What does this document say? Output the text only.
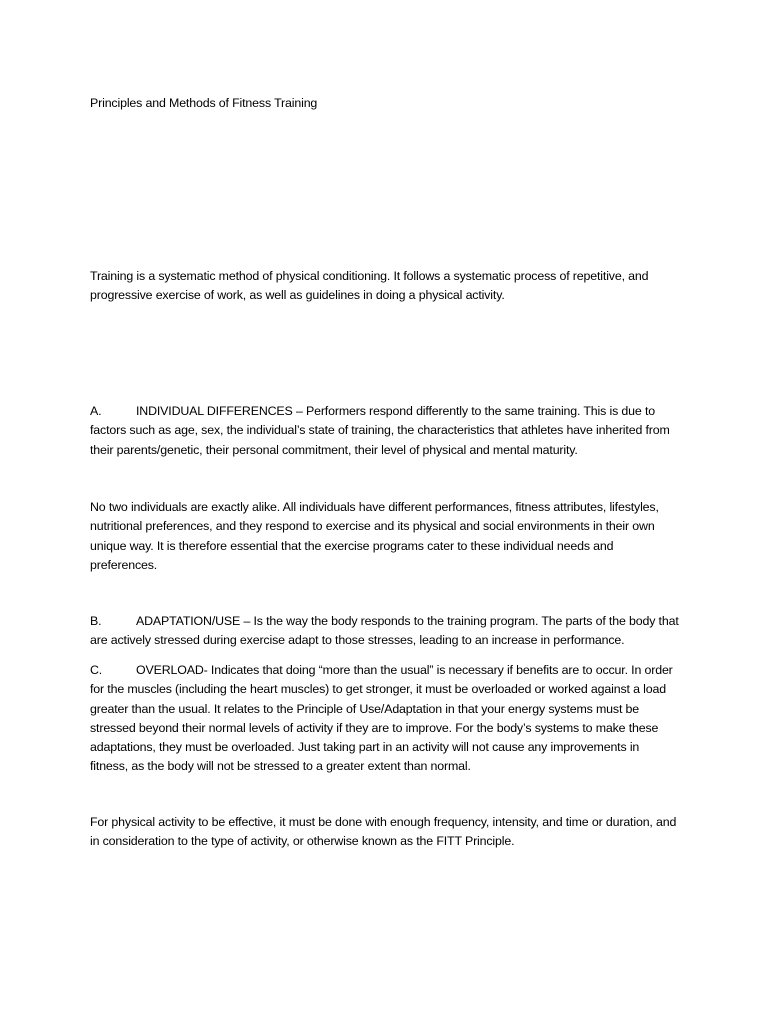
Principles and Methods of Fitness Training
Training is a systematic method of physical conditioning. It follows a systematic process of repetitive, and progressive exercise of work, as well as guidelines in doing a physical activity.
A.	INDIVIDUAL DIFFERENCES – Performers respond differently to the same training. This is due to factors such as age, sex, the individual’s state of training, the characteristics that athletes have inherited from their parents/genetic, their personal commitment, their level of physical and mental maturity.
No two individuals are exactly alike. All individuals have different performances, fitness attributes, lifestyles, nutritional preferences, and they respond to exercise and its physical and social environments in their own unique way. It is therefore essential that the exercise programs cater to these individual needs and preferences.
B.	ADAPTATION/USE – Is the way the body responds to the training program. The parts of the body that are actively stressed during exercise adapt to those stresses, leading to an increase in performance.
C.	OVERLOAD- Indicates that doing “more than the usual” is necessary if benefits are to occur. In order for the muscles (including the heart muscles) to get stronger, it must be overloaded or worked against a load greater than the usual. It relates to the Principle of Use/Adaptation in that your energy systems must be stressed beyond their normal levels of activity if they are to improve. For the body’s systems to make these adaptations, they must be overloaded. Just taking part in an activity will not cause any improvements in fitness, as the body will not be stressed to a greater extent than normal.
For physical activity to be effective, it must be done with enough frequency, intensity, and time or duration, and in consideration to the type of activity, or otherwise known as the FITT Principle.
